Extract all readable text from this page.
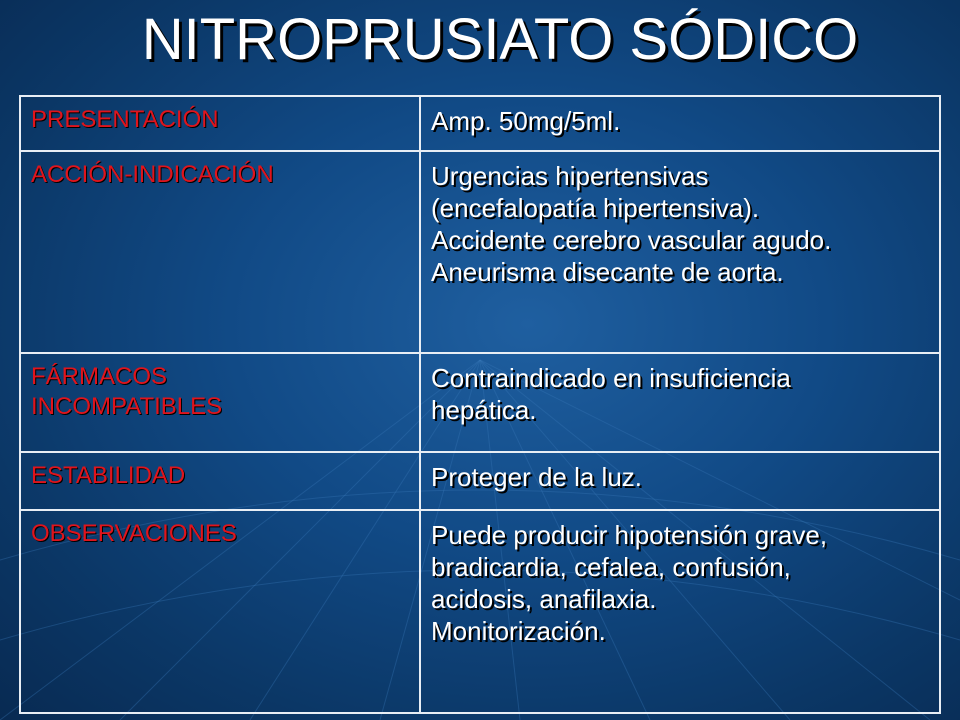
NITROPRUSIATO SÓDICO
PRESENTACIÓN	Amp. 50mg/5ml.

ACCIÓN-INDICACIÓN	Urgencias hipertensivas
(encefalopatía hipertensiva).
Accidente cerebro vascular agudo.
Aneurisma disecante de aorta.

FÁRMACOS
INCOMPATIBLES	Contraindicado en insuficiencia
hepática.

ESTABILIDAD	Proteger de la luz.

OBSERVACIONES	Puede producir hipotensión grave,
bradicardia, cefalea, confusión,
acidosis, anafilaxia.
Monitorización.
